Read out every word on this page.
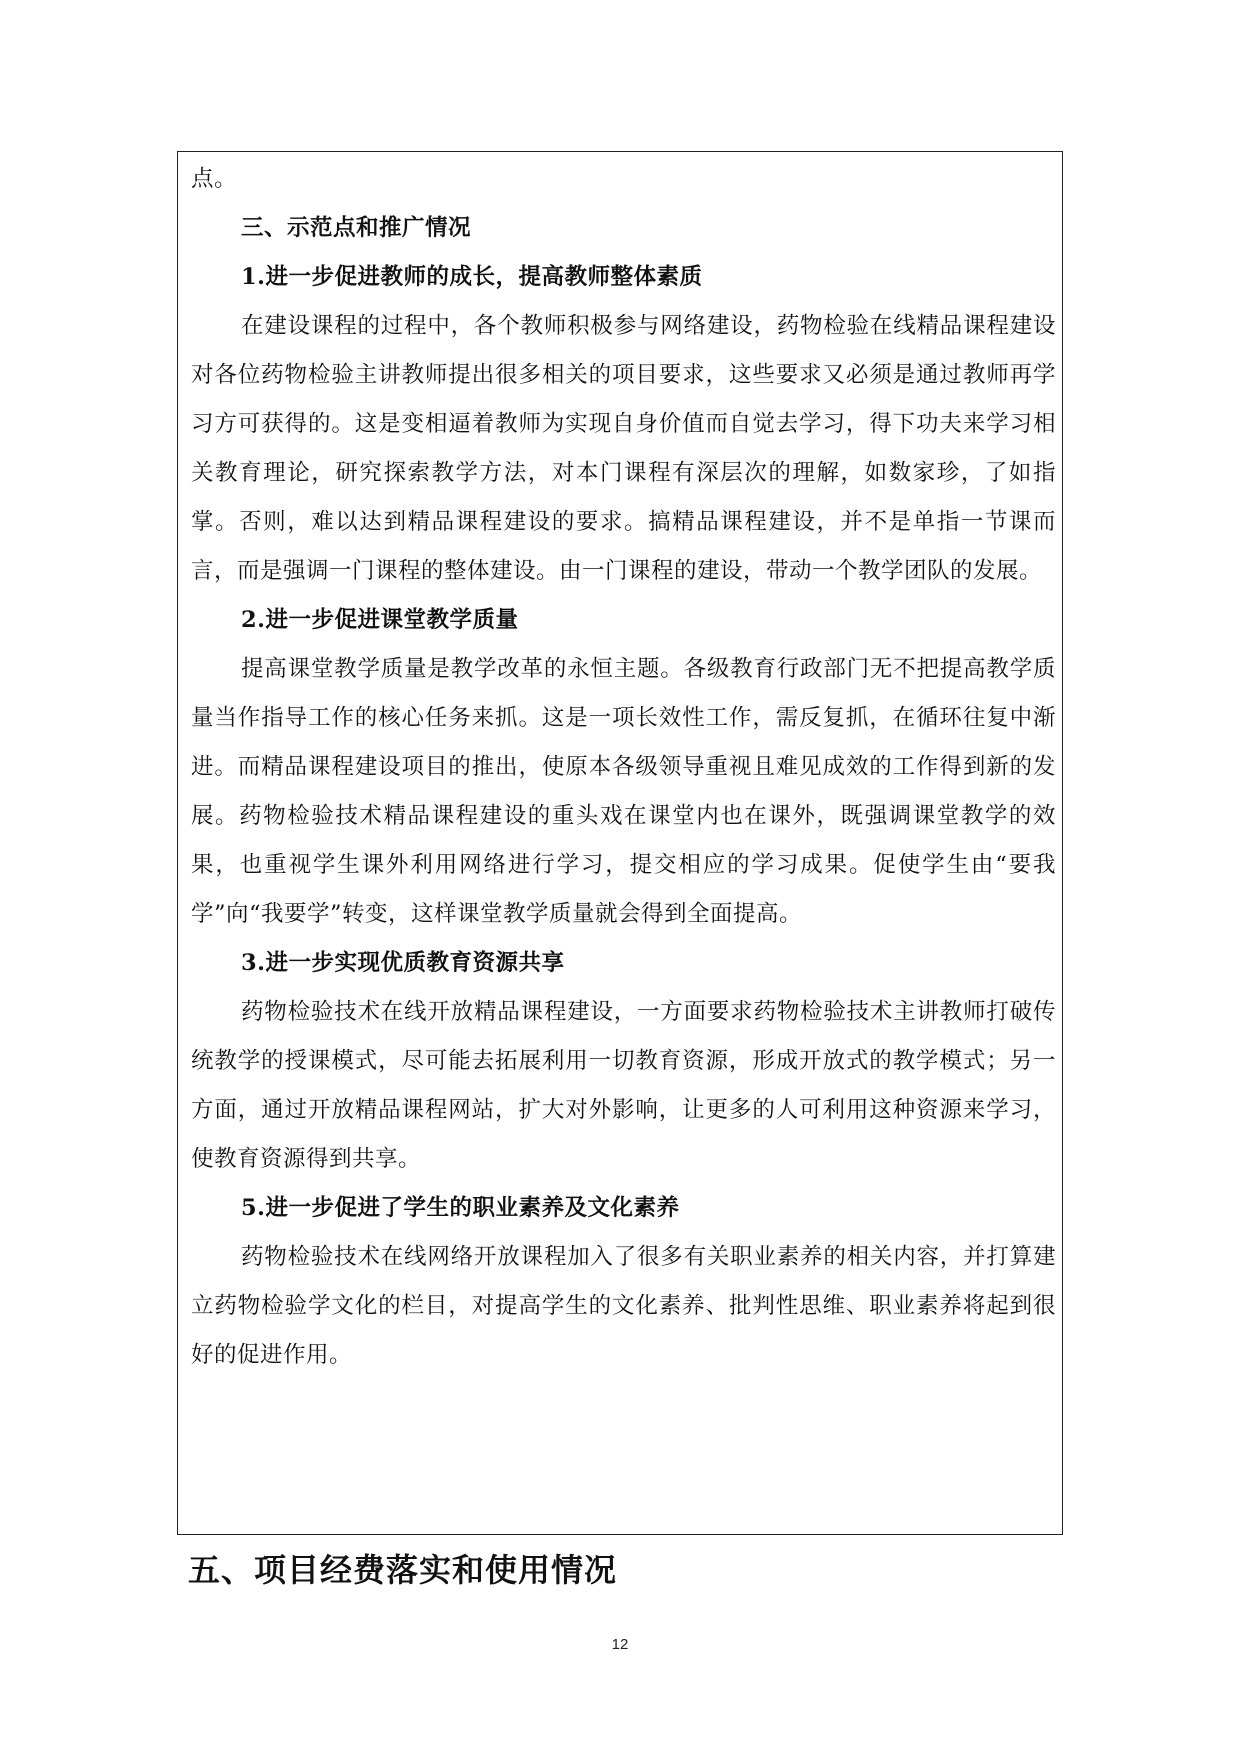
点。

三、示范点和推广情况

1.进一步促进教师的成长，提高教师整体素质

在建设课程的过程中，各个教师积极参与网络建设，药物检验在线精品课程建设对各位药物检验主讲教师提出很多相关的项目要求，这些要求又必须是通过教师再学习方可获得的。这是变相逼着教师为实现自身价值而自觉去学习，得下功夫来学习相关教育理论，研究探索教学方法，对本门课程有深层次的理解，如数家珍，了如指掌。否则，难以达到精品课程建设的要求。搞精品课程建设，并不是单指一节课而言，而是强调一门课程的整体建设。由一门课程的建设，带动一个教学团队的发展。

2.进一步促进课堂教学质量

提高课堂教学质量是教学改革的永恒主题。各级教育行政部门无不把提高教学质量当作指导工作的核心任务来抓。这是一项长效性工作，需反复抓，在循环往复中渐进。而精品课程建设项目的推出，使原本各级领导重视且难见成效的工作得到新的发展。药物检验技术精品课程建设的重头戏在课堂内也在课外，既强调课堂教学的效果，也重视学生课外利用网络进行学习，提交相应的学习成果。促使学生由“要我学”向“我要学”转变，这样课堂教学质量就会得到全面提高。

3.进一步实现优质教育资源共享

药物检验技术在线开放精品课程建设，一方面要求药物检验技术主讲教师打破传统教学的授课模式，尽可能去拓展利用一切教育资源，形成开放式的教学模式；另一方面，通过开放精品课程网站，扩大对外影响，让更多的人可利用这种资源来学习，使教育资源得到共享。

5.进一步促进了学生的职业素养及文化素养

药物检验技术在线网络开放课程加入了很多有关职业素养的相关内容，并打算建立药物检验学文化的栏目，对提高学生的文化素养、批判性思维、职业素养将起到很好的促进作用。

五、项目经费落实和使用情况
12
